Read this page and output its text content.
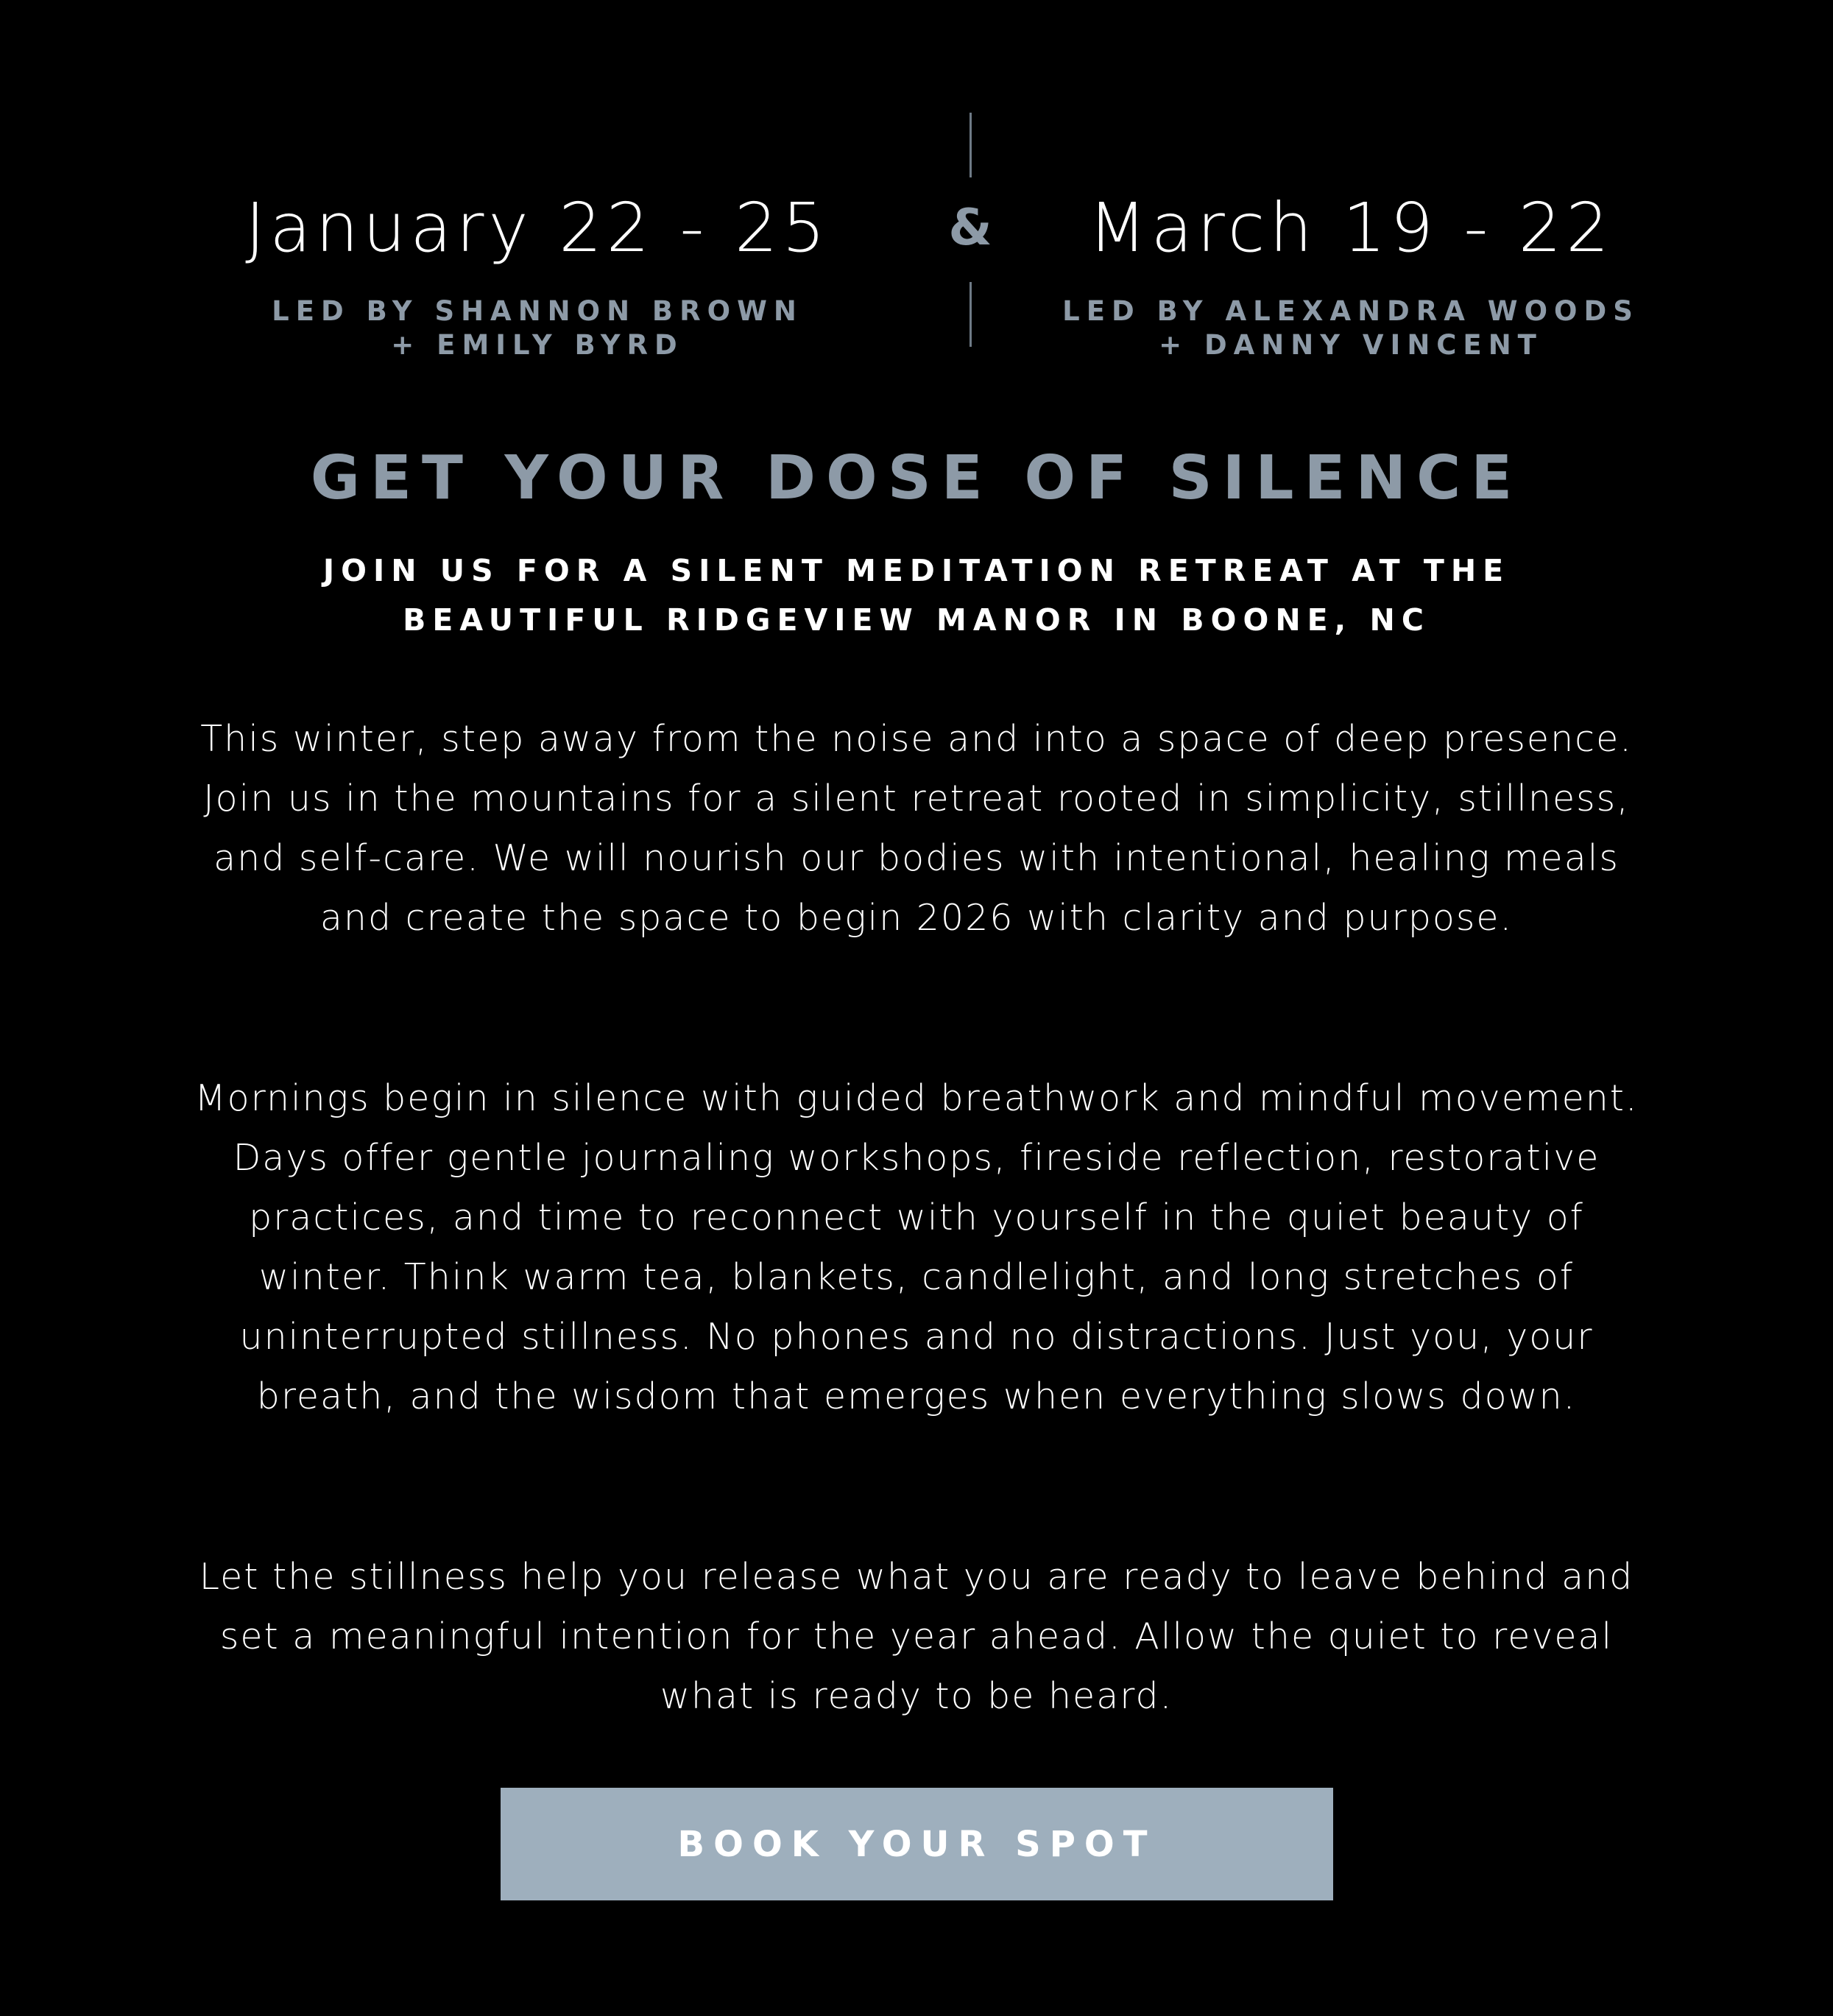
January 22 - 25
LED BY SHANNON BROWN
+ EMILY BYRD
&	March 19 - 22
LED BY ALEXANDRA WOODS
+ DANNY VINCENT
GET YOUR DOSE OF SILENCE
JOIN US FOR A SILENT MEDITATION RETREAT AT THE
BEAUTIFUL RIDGEVIEW MANOR IN BOONE, NC

This winter, step away from the noise and into a space of deep presence. Join us in the mountains for a silent retreat rooted in simplicity, stillness, and self-care. We will nourish our bodies with intentional, healing meals and create the space to begin 2026 with clarity and purpose.

Mornings begin in silence with guided breathwork and mindful movement. Days offer gentle journaling workshops, fireside reflection, restorative practices, and time to reconnect with yourself in the quiet beauty of winter. Think warm tea, blankets, candlelight, and long stretches of uninterrupted stillness. No phones and no distractions. Just you, your breath, and the wisdom that emerges when everything slows down.

Let the stillness help you release what you are ready to leave behind and set a meaningful intention for the year ahead. Allow the quiet to reveal what is ready to be heard.

BOOK YOUR SPOT
